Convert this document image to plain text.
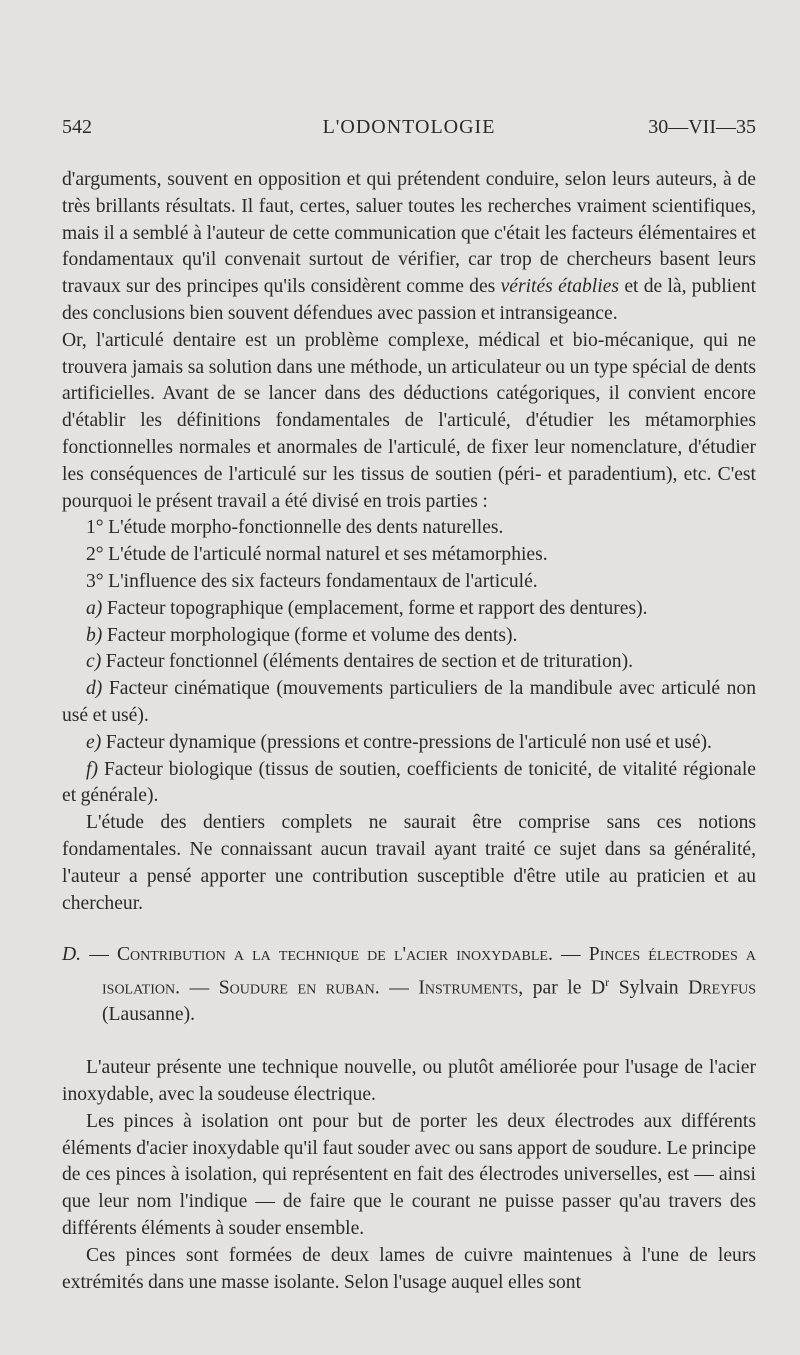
542	L'ODONTOLOGIE	30—VII—35

d'arguments, souvent en opposition et qui prétendent conduire, selon leurs auteurs, à de très brillants résultats. Il faut, certes, saluer toutes les recherches vraiment scientifiques, mais il a semblé à l'auteur de cette communication que c'était les facteurs élémentaires et fondamentaux qu'il convenait surtout de vérifier, car trop de chercheurs basent leurs travaux sur des principes qu'ils considèrent comme des vérités établies et de là, publient des conclusions bien souvent défendues avec passion et intransigeance.

Or, l'articulé dentaire est un problème complexe, médical et bio-mécanique, qui ne trouvera jamais sa solution dans une méthode, un articulateur ou un type spécial de dents artificielles. Avant de se lancer dans des déductions catégoriques, il convient encore d'établir les définitions fondamentales de l'articulé, d'étudier les métamorphies fonctionnelles normales et anormales de l'articulé, de fixer leur nomenclature, d'étudier les conséquences de l'articulé sur les tissus de soutien (péri- et paradentium), etc. C'est pourquoi le présent travail a été divisé en trois parties :

1° L'étude morpho-fonctionnelle des dents naturelles.

2° L'étude de l'articulé normal naturel et ses métamorphies.

3° L'influence des six facteurs fondamentaux de l'articulé.

a) Facteur topographique (emplacement, forme et rapport des dentures).

b) Facteur morphologique (forme et volume des dents).

c) Facteur fonctionnel (éléments dentaires de section et de trituration).

d) Facteur cinématique (mouvements particuliers de la mandibule avec articulé non usé et usé).

e) Facteur dynamique (pressions et contre-pressions de l'articulé non usé et usé).

f) Facteur biologique (tissus de soutien, coefficients de tonicité, de vitalité régionale et générale).

L'étude des dentiers complets ne saurait être comprise sans ces notions fondamentales. Ne connaissant aucun travail ayant traité ce sujet dans sa généralité, l'auteur a pensé apporter une contribution susceptible d'être utile au praticien et au chercheur.

D. — Contribution a la technique de l'acier inoxydable. — Pinces électrodes a isolation. — Soudure en ruban. — Instruments, par le $D^r$ Sylvain Dreyfus (Lausanne).

L'auteur présente une technique nouvelle, ou plutôt améliorée pour l'usage de l'acier inoxydable, avec la soudeuse électrique.

Les pinces à isolation ont pour but de porter les deux électrodes aux différents éléments d'acier inoxydable qu'il faut souder avec ou sans apport de soudure. Le principe de ces pinces à isolation, qui représentent en fait des électrodes universelles, est — ainsi que leur nom l'indique — de faire que le courant ne puisse passer qu'au travers des différents éléments à souder ensemble.

Ces pinces sont formées de deux lames de cuivre maintenues à l'une de leurs extrémités dans une masse isolante. Selon l'usage auquel elles sont
